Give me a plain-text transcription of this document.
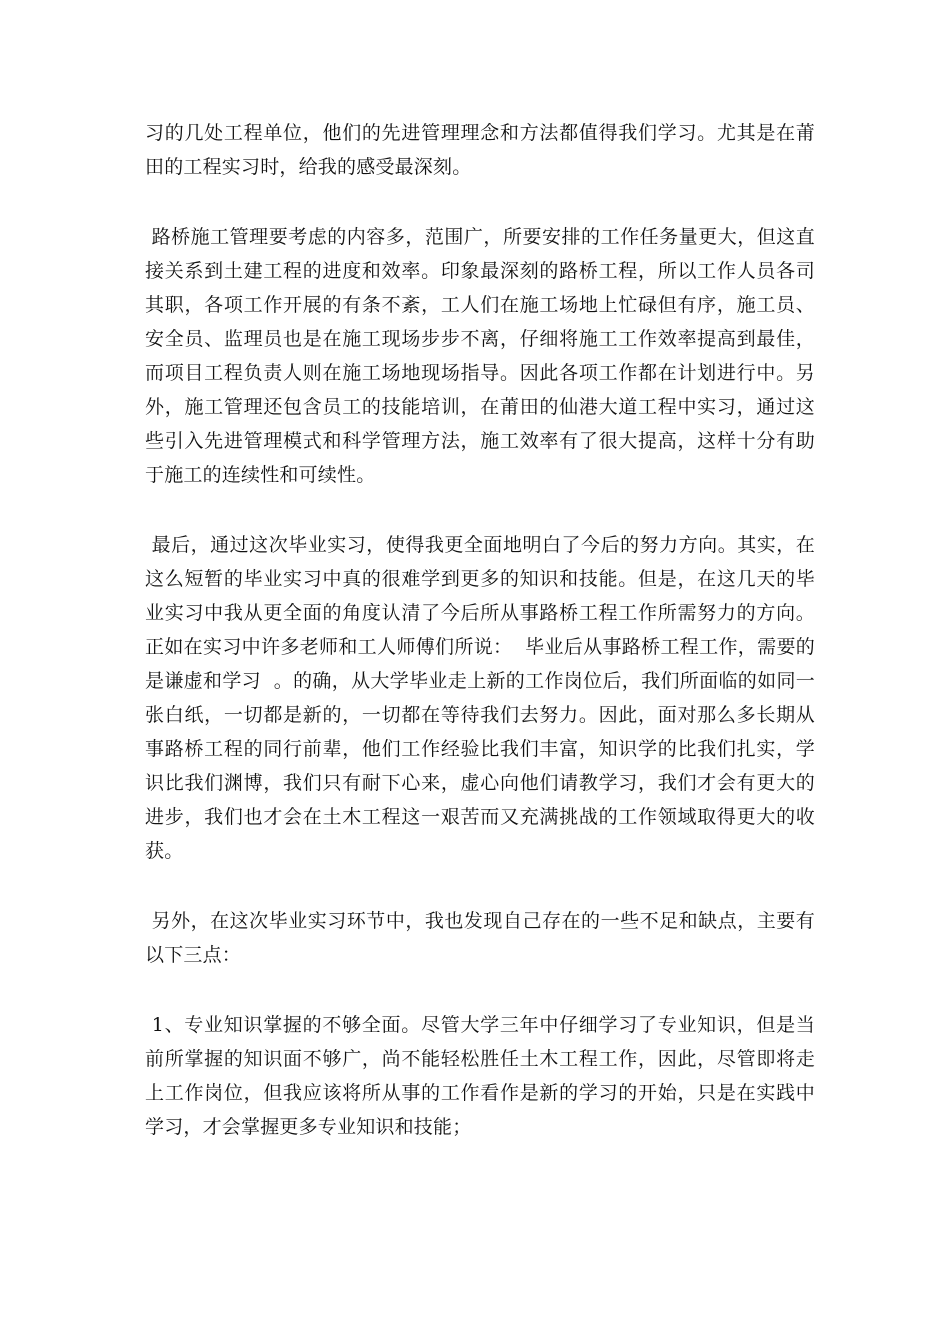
习的几处工程单位，他们的先进管理理念和方法都值得我们学习。尤其是在莆田的工程实习时，给我的感受最深刻。

路桥施工管理要考虑的内容多，范围广，所要安排的工作任务量更大，但这直接关系到土建工程的进度和效率。印象最深刻的路桥工程，所以工作人员各司其职，各项工作开展的有条不紊，工人们在施工场地上忙碌但有序，施工员、安全员、监理员也是在施工现场步步不离，仔细将施工工作效率提高到最佳，而项目工程负责人则在施工场地现场指导。因此各项工作都在计划进行中。另外，施工管理还包含员工的技能培训，在莆田的仙港大道工程中实习，通过这些引入先进管理模式和科学管理方法，施工效率有了很大提高，这样十分有助于施工的连续性和可续性。

最后，通过这次毕业实习，使得我更全面地明白了今后的努力方向。其实，在这么短暂的毕业实习中真的很难学到更多的知识和技能。但是，在这几天的毕业实习中我从更全面的角度认清了今后所从事路桥工程工作所需努力的方向。正如在实习中许多老师和工人师傅们所说：  毕业后从事路桥工程工作，需要的是谦虚和学习  。的确，从大学毕业走上新的工作岗位后，我们所面临的如同一张白纸，一切都是新的，一切都在等待我们去努力。因此，面对那么多长期从事路桥工程的同行前辈，他们工作经验比我们丰富，知识学的比我们扎实，学识比我们渊博，我们只有耐下心来，虚心向他们请教学习，我们才会有更大的进步，我们也才会在土木工程这一艰苦而又充满挑战的工作领域取得更大的收获。

另外，在这次毕业实习环节中，我也发现自己存在的一些不足和缺点，主要有以下三点：

1、专业知识掌握的不够全面。尽管大学三年中仔细学习了专业知识，但是当前所掌握的知识面不够广，尚不能轻松胜任土木工程工作，因此，尽管即将走上工作岗位，但我应该将所从事的工作看作是新的学习的开始，只是在实践中学习，才会掌握更多专业知识和技能；
